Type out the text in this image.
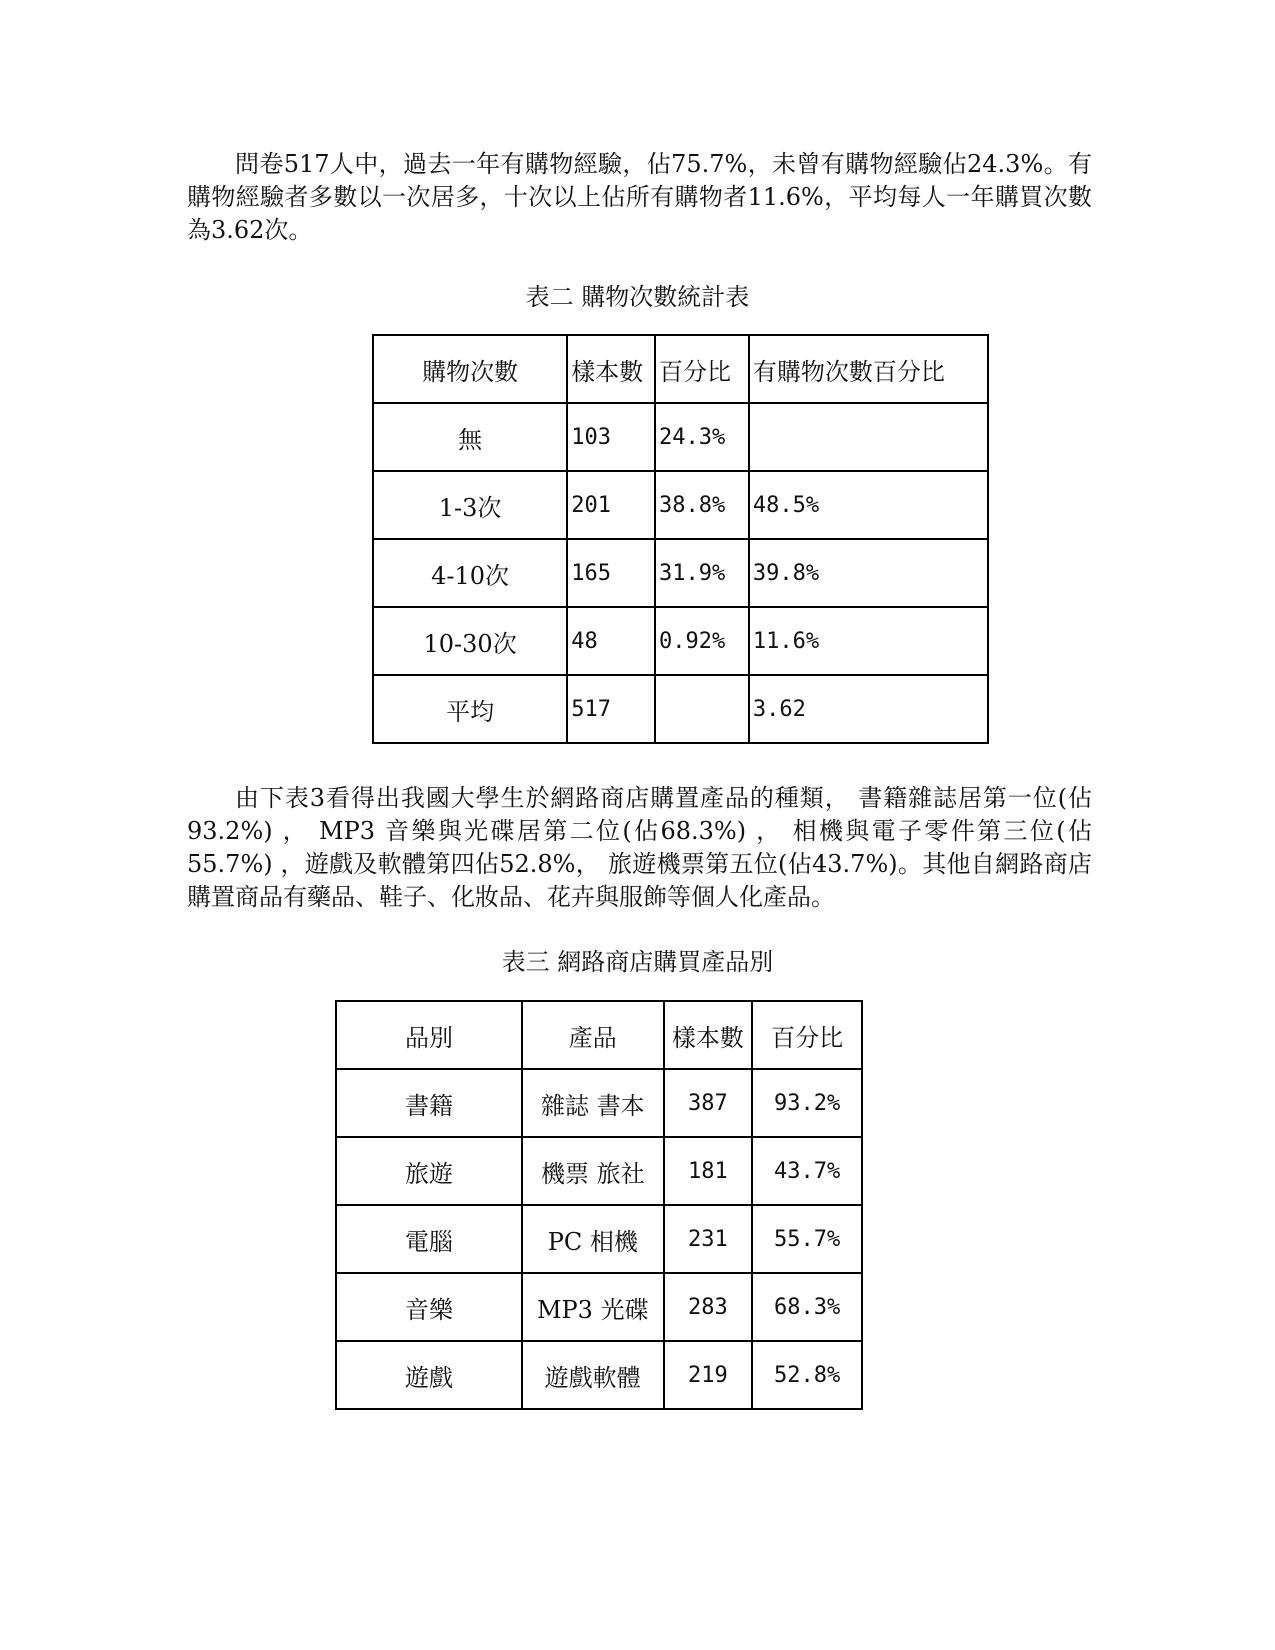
問卷517人中，過去一年有購物經驗，佔75.7%，未曾有購物經驗佔24.3%。有購物經驗者多數以一次居多，十次以上佔所有購物者11.6%，平均每人一年購買次數為3.62次。

表二 購物次數統計表

購物次數	樣本數	百分比	有購物次數百分比
無	103	24.3%	
1-3次	201	38.8%	48.5%
4-10次	165	31.9%	39.8%
10-30次	48	0.92%	11.6%
平均	517		3.62

由下表3看得出我國大學生於網路商店購置產品的種類， 書籍雜誌居第一位(佔93.2%) ， MP3 音樂與光碟居第二位(佔68.3%) ， 相機與電子零件第三位(佔55.7%) ，遊戲及軟體第四佔52.8%， 旅遊機票第五位(佔43.7%)。其他自網路商店購置商品有藥品、鞋子、化妝品、花卉與服飾等個人化產品。

表三 網路商店購買產品別

品別	產品	樣本數	百分比
書籍	雜誌 書本	387	93.2%
旅遊	機票 旅社	181	43.7%
電腦	PC 相機	231	55.7%
音樂	MP3 光碟	283	68.3%
遊戲	遊戲軟體	219	52.8%
